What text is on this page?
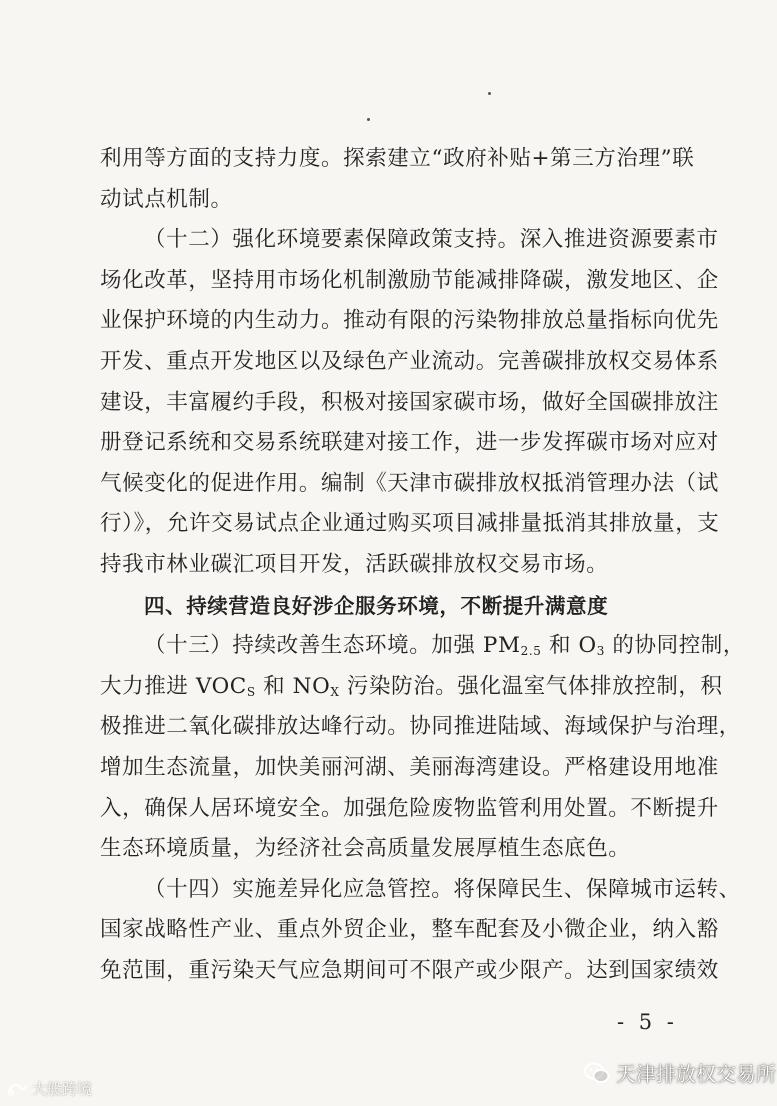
利用等方面的支持力度。探索建立“政府补贴+第三方治理”联
动试点机制。
（十二）强化环境要素保障政策支持。深入推进资源要素市
场化改革，坚持用市场化机制激励节能减排降碳，激发地区、企
业保护环境的内生动力。推动有限的污染物排放总量指标向优先
开发、重点开发地区以及绿色产业流动。完善碳排放权交易体系
建设，丰富履约手段，积极对接国家碳市场，做好全国碳排放注
册登记系统和交易系统联建对接工作，进一步发挥碳市场对应对
气候变化的促进作用。编制《天津市碳排放权抵消管理办法（试
行）》，允许交易试点企业通过购买项目减排量抵消其排放量，支
持我市林业碳汇项目开发，活跃碳排放权交易市场。
四、持续营造良好涉企服务环境，不断提升满意度
（十三）持续改善生态环境。加强 $PM_{2.5}$ 和 $O_3$ 的协同控制，
大力推进 $VOC_S$ 和 $NO_X$ 污染防治。强化温室气体排放控制，积
极推进二氧化碳排放达峰行动。协同推进陆域、海域保护与治理，
增加生态流量，加快美丽河湖、美丽海湾建设。严格建设用地准
入，确保人居环境安全。加强危险废物监管利用处置。不断提升
生态环境质量，为经济社会高质量发展厚植生态底色。
（十四）实施差异化应急管控。将保障民生、保障城市运转、
国家战略性产业、重点外贸企业，整车配套及小微企业，纳入豁
免范围，重污染天气应急期间可不限产或少限产。达到国家绩效
- 5 -
天津排放权交易所
大般跨境
